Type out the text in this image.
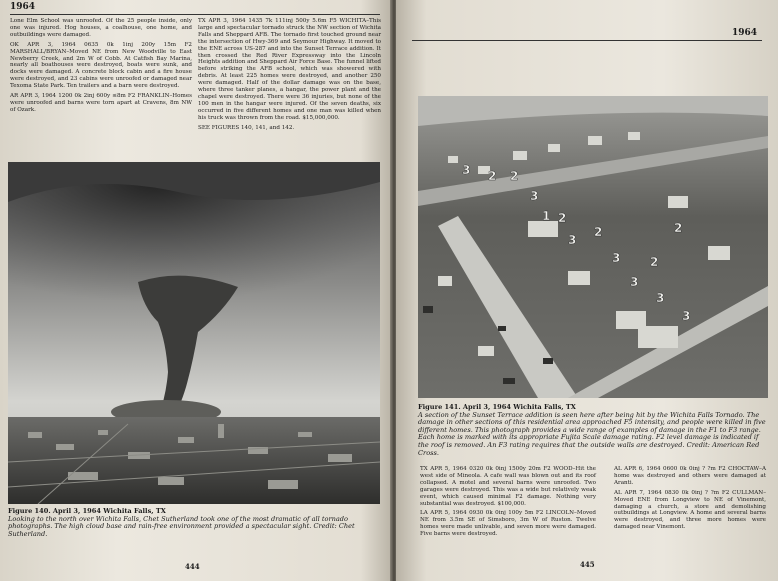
1964

Lone Elm School was unroofed. Of the 25 people inside, only one was injured. Hog houses, a coalhouse, one home, and outbuildings were damaged.

OK APR 3, 1964 0635 0k 1inj 200y 15m F2 MARSHALL/BRYAN–Moved NE from New Woodville to East Newberry Creek, and 2m W of Cobb. At Catfish Bay Marina, nearly all boathouses were destroyed, boats were sunk, and docks were damaged. A concrete block cabin and a fire house were destroyed, and 23 cabins were unroofed or damaged near Texoma State Park. Ten trailers and a barn were destroyed.

AR APR 3, 1964 1200 0k 2inj 600y ≤8m F2 FRANKLIN–Homes were unroofed and barns were torn apart at Cravens, 8m NW of Ozark.

TX APR 3, 1964 1435 7k 111inj 500y 5.6m F5 WICHITA–This large and spectacular tornado struck the NW section of Wichita Falls and Sheppard AFB. The tornado first touched ground near the intersection of Hwy-369 and Seymour Highway. It moved to the ENE across US-287 and into the Sunset Terrace addition. It then crossed the Red River Expressway into the Lincoln Heights addition and Sheppard Air Force Base. The funnel lifted before striking the AFB school, which was showered with debris. At least 225 homes were destroyed, and another 250 were damaged. Half of the dollar damage was on the base, where three tanker planes, a hangar, the power plant and the chapel were destroyed. There were 36 injuries, but none of the 100 men in the hangar were injured. Of the seven deaths, six occurred in five different homes and one man was killed when his truck was thrown from the road. $15,000,000.

SEE FIGURES 140, 141, and 142.

Figure 140. April 3, 1964 Wichita Falls, TX
Looking to the north over Wichita Falls, Chet Sutherland took one of the most dramatic of all tornado photographs. The high cloud base and rain-free environment provided a spectacular sight. Credit: Chet Sutherland.
444
1964
3 2 2
3
1
3
2
2
3
3
2
2
3
3
Figure 141. April 3, 1964 Wichita Falls, TX
A section of the Sunset Terrace addition is seen here after being hit by the Wichita Falls Tornado. The damage in other sections of this residential area approached F5 intensity, and people were killed in five different homes. This photograph provides a wide range of examples of damage in the F1 to F3 range. Each home is marked with its appropriate Fujita Scale damage rating. F2 level damage is indicated if the roof is removed. An F3 rating requires that the outside walls are destroyed. Credit: American Red Cross.

TX APR 5, 1964 0320 0k 0inj 1500y 20m F2 WOOD–Hit the west side of Mineola. A cafe wall was blown out and its roof collapsed. A motel and several barns were unroofed. Two garages were destroyed. This was a wide but relatively weak event, which caused minimal F2 damage. Nothing very substantial was destroyed. $100,000.

LA APR 5, 1964 0930 0k 0inj 100y 5m F2 LINCOLN–Moved NE from 3.5m SE of Simsboro, 3m W of Ruston. Twelve homes were made unlivable, and seven more were damaged. Five barns were destroyed.

AL APR 6, 1964 0600 0k 0inj ? ?m F2 CHOCTAW–A home was destroyed and others were damaged at Aranti.

AL APR 7, 1964 0830 0k 0inj ? ?m F2 CULLMAN–Moved ENE from Longview to NE of Vinemont, damaging a church, a store and demolishing outbuildings at Longview. A home and several barns were destroyed, and three more homes were damaged near Vinemont.

445
